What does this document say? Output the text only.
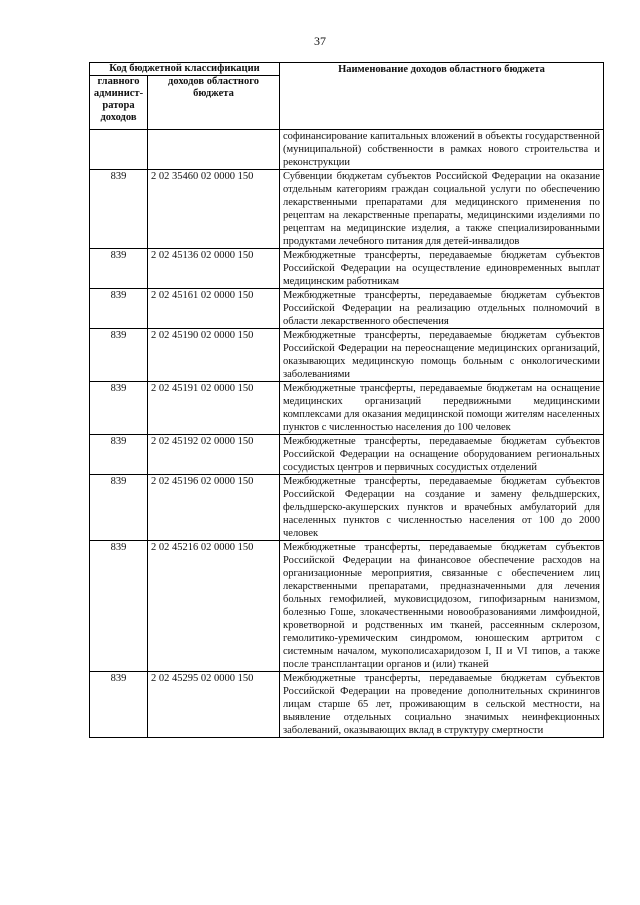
37
Код бюджетной классификации		Наименование доходов областного бюджета
главного админист-ратора доходов	доходов областного бюджета	
		софинансирование капитальных вложений в объекты государственной (муниципальной) собственности в рамках нового строительства и реконструкции
839	2 02 35460 02 0000 150	Субвенции бюджетам субъектов Российской Федерации на оказание отдельным категориям граждан социальной услуги по обеспечению лекарственными препаратами для медицинского применения по рецептам на лекарственные препараты, медицинскими изделиями по рецептам на медицинские изделия, а также специализированными продуктами лечебного питания для детей-инвалидов
839	2 02 45136 02 0000 150	Межбюджетные трансферты, передаваемые бюджетам субъектов Российской Федерации на осуществление единовременных выплат медицинским работникам
839	2 02 45161 02 0000 150	Межбюджетные трансферты, передаваемые бюджетам субъектов Российской Федерации на реализацию отдельных полномочий в области лекарственного обеспечения
839	2 02 45190 02 0000 150	Межбюджетные трансферты, передаваемые бюджетам субъектов Российской Федерации на переоснащение медицинских организаций, оказывающих медицинскую помощь больным с онкологическими заболеваниями
839	2 02 45191 02 0000 150	Межбюджетные трансферты, передаваемые бюджетам на оснащение медицинских организаций передвижными медицинскими комплексами для оказания медицинской помощи жителям населенных пунктов с численностью населения до 100 человек
839	2 02 45192 02 0000 150	Межбюджетные трансферты, передаваемые бюджетам субъектов Российской Федерации на оснащение оборудованием региональных сосудистых центров и первичных сосудистых отделений
839	2 02 45196 02 0000 150	Межбюджетные трансферты, передаваемые бюджетам субъектов Российской Федерации на создание и замену фельдшерских, фельдшерско-акушерских пунктов и врачебных амбулаторий для населенных пунктов с численностью населения от 100 до 2000 человек
839	2 02 45216 02 0000 150	Межбюджетные трансферты, передаваемые бюджетам субъектов Российской Федерации на финансовое обеспечение расходов на организационные мероприятия, связанные с обеспечением лиц лекарственными препаратами, предназначенными для лечения больных гемофилией, муковисцидозом, гипофизарным нанизмом, болезнью Гоше, злокачественными новообразованиями лимфоидной, кроветворной и родственных им тканей, рассеянным склерозом, гемолитико-уремическим синдромом, юношеским артритом с системным началом, мукополисахаридозом I, II и VI типов, а также после трансплантации органов и (или) тканей
839	2 02 45295 02 0000 150	Межбюджетные трансферты, передаваемые бюджетам субъектов Российской Федерации на проведение дополнительных скринингов лицам старше 65 лет, проживающим в сельской местности, на выявление отдельных социально значимых неинфекционных заболеваний, оказывающих вклад в структуру смертности
